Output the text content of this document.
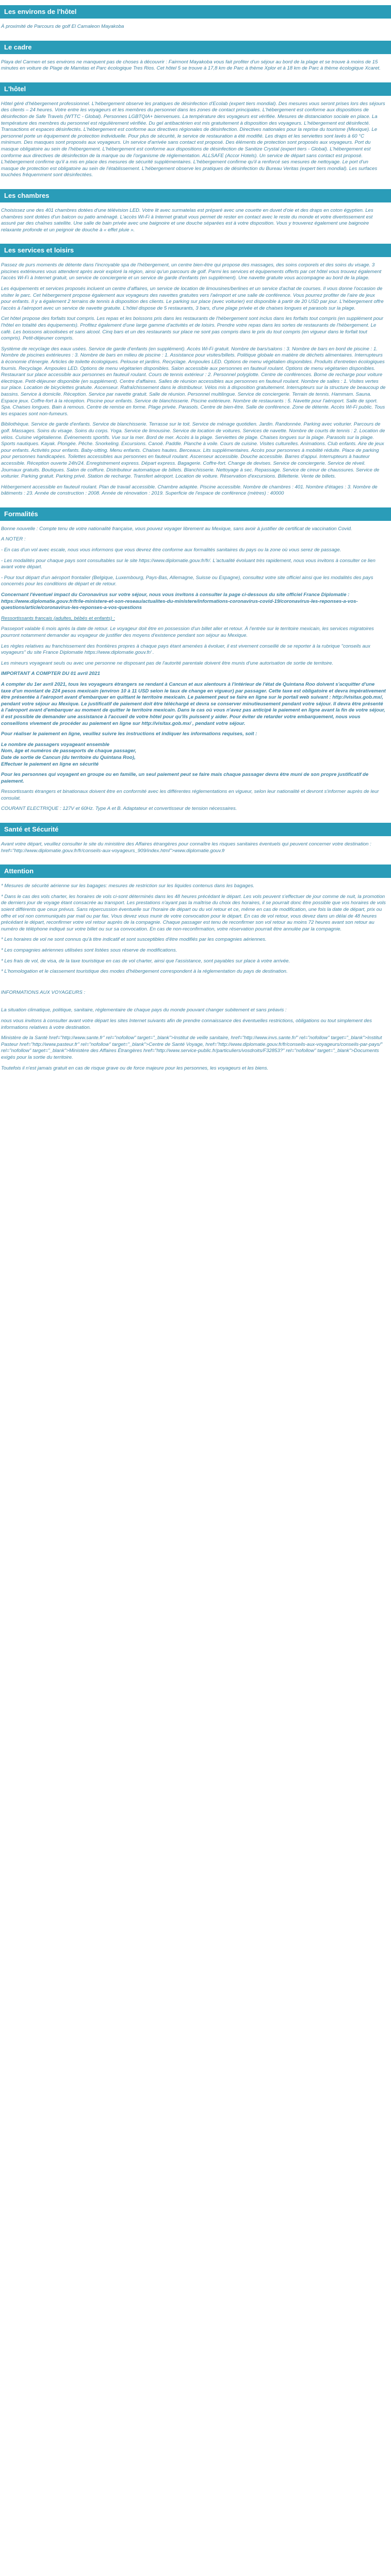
Les environs de l'hôtel

À proximité de Parcours de golf El Camaleon Mayakoba

Le cadre

Playa del Carmen et ses environs ne manquent pas de choses à découvrir : Fairmont Mayakoba vous fait profiter d'un séjour au bord de la plage et se trouve à moins de 15 minutes en voiture de Plage de Mamitas et Parc écologique Tres Rios. Cet hôtel 5 se trouve à 17,8 km de Parc à thème Xplor et à 18 km de Parc à thème écologique Xcaret.

L'hôtel

Hôtel géré d'hébergement professionnel. L'hébergement observe les pratiques de désinfection d'Ecolab (expert tiers mondial). Des mesures vous seront prises lors des séjours des clients – 24 heures. Votre entre les voyageurs et les membres du personnel dans les zones de contact principales. L'hébergement est conforme aux dispositions de désinfection de Safe Travels (WTTC - Global). Personnes LGBTQIA+ bienvenues. La température des voyageurs est vérifiée. Mesures de distanciation sociale en place. La température des membres du personnel est régulièrement vérifiée. Du gel antibactérien est mis gratuitement à disposition des voyageurs. L'hébergement est désinfecté. Transactions et espaces désinfectés. L'hébergement est conforme aux directives régionales de désinfection. Directives nationales pour la reprise du tourisme (Mexique). Le personnel porte un équipement de protection individuelle. Pour plus de sécurité, le service de restauration a été modifié. Les draps et les serviettes sont lavés à 60 °C minimum. Des masques sont proposés aux voyageurs. Un service d'arrivée sans contact est proposé. Des éléments de protection sont proposés aux voyageurs. Port du masque obligatoire au sein de l'hébergement. L'hébergement est conforme aux dispositions de désinfection de Sanitize Crystal (expert tiers - Global). L'hébergement est conforme aux directives de désinfection de la marque ou de l'organisme de réglementation. ALLSAFE (Accor Hotels). Un service de départ sans contact est proposé. L'hébergement confirme qu'il a mis en place des mesures de sécurité supplémentaires. L'hébergement confirme qu'il a renforcé ses mesures de nettoyage. Le port d'un masque de protection est obligatoire au sein de l'établissement. L'hébergement observe les pratiques de désinfection du Bureau Veritas (expert tiers mondial). Les surfaces touchées fréquemment sont désinfectées.

Les chambres

Choisissez une des 401 chambres dotées d'une télévision LED. Votre lit avec surmatelas est préparé avec une couette en duvet d'oie et des draps en coton égyptien. Les chambres sont dotées d'un balcon ou patio aménagé. L'accès Wi-Fi à Internet gratuit vous permet de rester en contact avec le reste du monde et votre divertissement est assuré par des chaînes satellite. Une salle de bain privée avec une baignoire et une douche séparées est à votre disposition. Vous y trouverez également une baignoire relaxante profonde et un peignoir de douche à « effet pluie ».

Les services et loisirs

Passez de purs moments de détente dans l'incroyable spa de l'hébergement, un centre bien-être qui propose des massages, des soins corporels et des soins du visage. 3 piscines extérieures vous attendent après avoir exploré la région, ainsi qu'un parcours de golf. Parmi les services et équipements offerts par cet hôtel vous trouvez également l'accès Wi-Fi à Internet gratuit, un service de conciergerie et un service de garde d'enfants (en supplément). Une navette gratuite vous accompagne au bord de la plage.

Les équipements et services proposés incluent un centre d'affaires, un service de location de limousines/berlines et un service d'achat de courses. Il vous donne l'occasion de visiter le parc. Cet hébergement propose également aux voyageurs des navettes gratuites vers l'aéroport et une salle de conférence. Vous pourrez profiter de l'aire de jeux pour enfants. Il y a également 2 terrains de tennis à disposition des clients. Le parking sur place (avec voiturier) est disponible à partir de 20 USD par jour. L'hébergement offre l'accès à l'aéroport avec un service de navette gratuite. L'hôtel dispose de 5 restaurants, 3 bars, d'une plage privée et de chaises longues et parasols sur la plage.

Cet hôtel propose des forfaits tout compris. Les repas et les boissons pris dans les restaurants de l'hébergement sont inclus dans les forfaits tout compris (en supplément pour l'hôtel en totalité des équipements). Profitez également d'une large gamme d'activités et de loisirs. Prendre votre repas dans les sortes de restaurants de l'hébergement. Le café. Les boissons alcoolisées et sans alcool. Cinq bars et un des restaurants sur place ne sont pas compris dans le prix du tout compris (en vigueur dans le forfait tout compris). Petit-déjeuner compris.

Système de recyclage des eaux usées. Service de garde d'enfants (en supplément). Accès Wi-Fi gratuit. Nombre de bars/salons : 3. Nombre de bars en bord de piscine : 1. Nombre de piscines extérieures : 3. Nombre de bars en milieu de piscine : 1. Assistance pour visites/billets. Politique globale en matière de déchets alimentaires. Interrupteurs à économie d'énergie. Articles de toilette écologiques. Pelouse et jardins. Recyclage. Ampoules LED. Options de menu végétalien disponibles. Produits d'entretien écologiques fournis. Recyclage. Ampoules LED. Options de menu végétarien disponibles. Salon accessible aux personnes en fauteuil roulant. Options de menu végétarien disponibles. Restaurant sur place accessible aux personnes en fauteuil roulant. Cours de tennis extérieur : 2. Personnel polyglotte. Centre de conférences. Borne de recharge pour voiture électrique. Petit-déjeuner disponible (en supplément). Centre d'affaires. Salles de réunion accessibles aux personnes en fauteuil roulant. Nombre de salles : 1. Visites vertes sur place. Location de bicyclettes gratuite. Ascenseur. Rafraîchissement dans le distributeur. Vélos mis à disposition gratuitement. Interrupteurs sur la structure de beaucoup de bassins. Service à domicile. Réception. Service par navette gratuit. Salle de réunion. Personnel multilingue. Service de conciergerie. Terrain de tennis. Hammam. Sauna. Espace jeux. Coffre-fort à la réception. Piscine pour enfants. Service de blanchisserie. Piscine extérieure. Nombre de restaurants : 5. Navette pour l'aéroport. Salle de sport. Spa. Chaises longues. Bain à remous. Centre de remise en forme. Plage privée. Parasols. Centre de bien-être. Salle de conférence. Zone de détente. Accès Wi-Fi public. Tous les espaces sont non-fumeurs.

Bibliothèque. Service de garde d'enfants. Service de blanchisserie. Terrasse sur le toit. Service de ménage quotidien. Jardin. Randonnée. Parking avec voiturier. Parcours de golf. Massages. Soins du visage. Soins du corps. Yoga. Service de limousine. Service de location de voitures. Services de navette. Nombre de courts de tennis : 2. Location de vélos. Cuisine végétalienne. Événements sportifs. Vue sur la mer. Bord de mer. Accès à la plage. Serviettes de plage. Chaises longues sur la plage. Parasols sur la plage. Sports nautiques. Kayak. Plongée. Pêche. Snorkeling. Excursions. Canoë. Paddle. Planche à voile. Cours de cuisine. Visites culturelles. Animations. Club enfants. Aire de jeux pour enfants. Activités pour enfants. Baby-sitting. Menu enfants. Chaises hautes. Berceaux. Lits supplémentaires. Accès pour personnes à mobilité réduite. Place de parking pour personnes handicapées. Toilettes accessibles aux personnes en fauteuil roulant. Ascenseur accessible. Douche accessible. Barres d'appui. Interrupteurs à hauteur accessible. Réception ouverte 24h/24. Enregistrement express. Départ express. Bagagerie. Coffre-fort. Change de devises. Service de conciergerie. Service de réveil. Journaux gratuits. Boutiques. Salon de coiffure. Distributeur automatique de billets. Blanchisserie. Nettoyage à sec. Repassage. Service de cireur de chaussures. Service de voiturier. Parking gratuit. Parking privé. Station de recharge. Transfert aéroport. Location de voiture. Réservation d'excursions. Billetterie. Vente de billets.

Hébergement accessible en fauteuil roulant. Plan de travail accessible. Chambre adaptée. Piscine accessible. Nombre de chambres : 401. Nombre d'étages : 3. Nombre de bâtiments : 23. Année de construction : 2008. Année de rénovation : 2019. Superficie de l'espace de conférence (mètres) : 40000

Formalités

Bonne nouvelle : Compte tenu de votre nationalité française, vous pouvez voyager librement au Mexique, sans avoir à justifier de certificat de vaccination Covid.

A NOTER :

- En cas d'un vol avec escale, nous vous informons que vous devrez être conforme aux formalités sanitaires du pays ou la zone où vous serez de passage.

- Les modalités pour chaque pays sont consultables sur le site https://www.diplomatie.gouv.fr/fr/. L'actualité évoluant très rapidement, nous vous invitons à consulter ce lien avant votre départ.

- Pour tout départ d'un aéroport frontalier (Belgique, Luxembourg, Pays-Bas, Allemagne, Suisse ou Espagne), consultez votre site officiel ainsi que les modalités des pays concernés pour les conditions de départ et de retour.

Concernant l'éventuel impact du Coronavirus sur votre séjour, nous vous invitons à consulter la page ci-dessous du site officiel France Diplomatie : https://www.diplomatie.gouv.fr/fr/le-ministere-et-son-reseau/actualites-du-ministere/informations-coronavirus-covid-19/coronavirus-les-reponses-a-vos-questions/article/coronavirus-les-reponses-a-vos-questions

Ressortissants francais (adultes, bébés et enfants) :

Passeport valable 6 mois après la date de retour. Le voyageur doit être en possession d'un billet aller et retour. À l'entrée sur le territoire mexicain, les services migratoires pourront notamment demander au voyageur de justifier des moyens d'existence pendant son séjour au Mexique.

Les règles relatives au franchissement des frontières propres à chaque pays étant amenées à évoluer, il est vivement conseillé de se reporter à la rubrique "conseils aux voyageurs" du site France Diplomatie https://www.diplomatie.gouv.fr/ .

Les mineurs voyageant seuls ou avec une personne ne disposant pas de l'autorité parentale doivent être munis d'une autorisation de sortie de territoire.

IMPORTANT A COMPTER DU 01 avril 2021

A compter du 1er avril 2021, tous les voyageurs étrangers se rendant à Cancun et aux alentours à l'intérieur de l'état de Quintana Roo doivent s'acquitter d'une taxe d'un montant de 224 pesos mexicain (environ 10 à 11 USD selon le taux de change en vigueur) par passager. Cette taxe est obligatoire et devra impérativement être présentée à l'aéroport avant d'embarquer en quittant le territoire mexicain. Le paiement peut se faire en ligne sur le portail web suivant : http://visitax.gob.mx/, pendant votre séjour au Mexique. Le justificatif de paiement doit être téléchargé et devra se conserver minutieusement pendant votre séjour. Il devra être présenté à l'aéroport avant d'embarquer au moment de quitter le territoire mexicain. Dans le cas où vous n'avez pas anticipé le paiement en ligne avant la fin de votre séjour, il est possible de demander une assistance à l'accueil de votre hôtel pour qu'ils puissent y aider. Pour éviter de retarder votre embarquement, nous vous conseillons vivement de procéder au paiement en ligne sur http://visitax.gob.mx/ , pendant votre séjour.

Pour réaliser le paiement en ligne, veuillez suivre les instructions et indiquer les informations requises, soit :

Le nombre de passagers voyageant ensemble
Nom, âge et numéros de passeports de chaque passager,
Date de sortie de Cancun (du territoire du Quintana Roo),
Effectuer le paiement en ligne en sécurité

Pour les personnes qui voyagent en groupe ou en famille, un seul paiement peut se faire mais chaque passager devra être muni de son propre justificatif de paiement.

Ressortissants étrangers et binationaux doivent être en conformité avec les différentes réglementations en vigueur, selon leur nationalité et devront s'informer auprès de leur consulat.

COURANT ELECTRIQUE : 127V et 60Hz. Type A et B. Adaptateur et convertisseur de tension nécessaires.

Santé et Sécurité

Avant votre départ, veuillez consulter le site du ministère des Affaires étrangères pour connaître les risques sanitaires éventuels qui peuvent concerner votre destination : href="http://www.diplomatie.gouv.fr/fr/conseils-aux-voyageurs_909/index.html">www.diplomatie.gouv.fr

Attention

* Mesures de sécurité aérienne sur les bagages: mesures de restriction sur les liquides contenus dans les bagages.

* Dans le cas des vols charter, les horaires de vols ci-sont déterminés dans les 48 heures précédant le départ. Les vols peuvent s'effectuer de jour comme de nuit, la promotion de derniers jour de voyage étant consacrée au transport. Les prestations n'ayant pas la maîtrise du choix des horaires, il se pourrait donc être possible que vos horaires de vols soient différents que ceux prévus. Sans répercussion éventuelle sur l'horaire de départ ou du vol retour et ce, même en cas de modification, une fois la date de départ, prix ou offre et vol non communiqués par mail ou par fax. Vous devez vous munir de votre convocation pour le départ. En cas de vol retour, vous devez dans un délai de 48 heures précédant le départ, reconfirmer votre vol retour auprès de la compagnie. Chaque passager est tenu de reconfirmer son vol retour au moins 72 heures avant son retour au numéro de téléphone indiqué sur votre billet ou sur sa convocation. En cas de non-reconfirmation, votre réservation pourrait être annulée par la compagnie.

* Les horaires de vol ne sont connus qu'à titre indicatif et sont susceptibles d'être modifiés par les compagnies aériennes.

* Les compagnies aériennes utilisées sont listées sous réserve de modifications.

* Les frais de vol, de visa, de la taxe touristique en cas de vol charter, ainsi que l'assistance, sont payables sur place à votre arrivée.

* L'homologation et le classement touristique des modes d'hébergement correspondent à la réglementation du pays de destination.

INFORMATIONS AUX VOYAGEURS :

La situation climatique, politique, sanitaire, réglementaire de chaque pays du monde pouvant changer subitement et sans préavis :

nous vous invitons à consulter avant votre départ les sites Internet suivants afin de prendre connaissance des éventuelles restrictions, obligations ou tout simplement des informations relatives à votre destination.

Ministère de la Santé href="http://www.sante.fr" rel="nofollow" target="_blank">Institut de veille sanitaire, href="http://www.invs.sante.fr/" rel="nofollow" target="_blank">Institut Pasteur href="http://www.pasteur.fr" rel="nofollow" target="_blank">Centre de Santé Voyage, href="http://www.diplomatie.gouv.fr/fr/conseils-aux-voyageurs/conseils-par-pays/" rel="nofollow" target="_blank">Ministère des Affaires Étrangères href="http://www.service-public.fr/particuliers/vosdroits/F32853?" rel="nofollow" target="_blank">Documents exigés pour la sortie du territoire.

Toutefois il n'est jamais gratuit en cas de risque grave ou de force majeure pour les personnes, les voyageurs et les biens.
